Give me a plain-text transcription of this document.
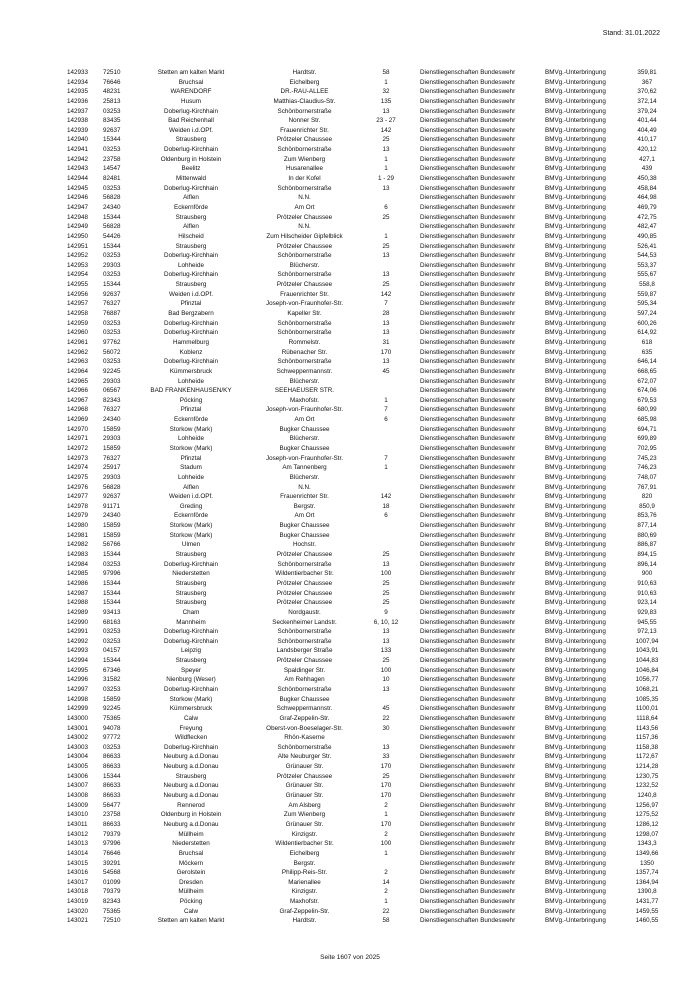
Stand: 31.01.2022
142933	72510	Stetten am kalten Markt	Hardtstr.	58		Dienstliegenschaften Bundeswehr	BMVg.-Unterbringung	359,81
142934	76646	Bruchsal	Eichelberg	1		Dienstliegenschaften Bundeswehr	BMVg.-Unterbringung	367
142935	48231	WARENDORF	DR.-RAU-ALLEE	32		Dienstliegenschaften Bundeswehr	BMVg.-Unterbringung	370,62
142936	25813	Husum	Matthias-Claudius-Str.	135		Dienstliegenschaften Bundeswehr	BMVg.-Unterbringung	372,14
142937	03253	Doberlug-Kirchhain	Schönbornerstraße	13		Dienstliegenschaften Bundeswehr	BMVg.-Unterbringung	379,24
142938	83435	Bad Reichenhall	Nonner Str.	23 - 27		Dienstliegenschaften Bundeswehr	BMVg.-Unterbringung	401,44
142939	92637	Weiden i.d.OPf.	Frauenrichter Str.	142		Dienstliegenschaften Bundeswehr	BMVg.-Unterbringung	404,49
142940	15344	Strausberg	Prötzeler Chaussee	25		Dienstliegenschaften Bundeswehr	BMVg.-Unterbringung	410,17
142941	03253	Doberlug-Kirchhain	Schönbornerstraße	13		Dienstliegenschaften Bundeswehr	BMVg.-Unterbringung	420,12
142942	23758	Oldenburg in Holstein	Zum Wienberg	1		Dienstliegenschaften Bundeswehr	BMVg.-Unterbringung	427,1
142943	14547	Beelitz	Husarenallee	1		Dienstliegenschaften Bundeswehr	BMVg.-Unterbringung	439
142944	82481	Mittenwald	In der Kofel	1 - 29		Dienstliegenschaften Bundeswehr	BMVg.-Unterbringung	450,38
142945	03253	Doberlug-Kirchhain	Schönbornerstraße	13		Dienstliegenschaften Bundeswehr	BMVg.-Unterbringung	458,84
142946	56828	Alflen	N.N.			Dienstliegenschaften Bundeswehr	BMVg.-Unterbringung	464,98
142947	24340	Eckernförde	Am Ort	6		Dienstliegenschaften Bundeswehr	BMVg.-Unterbringung	469,79
142948	15344	Strausberg	Prötzeler Chaussee	25		Dienstliegenschaften Bundeswehr	BMVg.-Unterbringung	472,75
142949	56828	Alflen	N.N.			Dienstliegenschaften Bundeswehr	BMVg.-Unterbringung	482,47
142950	54426	Hilscheid	Zum Hilscheider Gipfelblick	1		Dienstliegenschaften Bundeswehr	BMVg.-Unterbringung	490,85
142951	15344	Strausberg	Prötzeler Chaussee	25		Dienstliegenschaften Bundeswehr	BMVg.-Unterbringung	526,41
142952	03253	Doberlug-Kirchhain	Schönbornerstraße	13		Dienstliegenschaften Bundeswehr	BMVg.-Unterbringung	544,53
142953	29303	Lohheide	Blücherstr.			Dienstliegenschaften Bundeswehr	BMVg.-Unterbringung	553,37
142954	03253	Doberlug-Kirchhain	Schönbornerstraße	13		Dienstliegenschaften Bundeswehr	BMVg.-Unterbringung	555,67
142955	15344	Strausberg	Prötzeler Chaussee	25		Dienstliegenschaften Bundeswehr	BMVg.-Unterbringung	558,8
142956	92637	Weiden i.d.OPf.	Frauenrichter Str.	142		Dienstliegenschaften Bundeswehr	BMVg.-Unterbringung	559,87
142957	76327	Pfinztal	Joseph-von-Fraunhofer-Str.	7		Dienstliegenschaften Bundeswehr	BMVg.-Unterbringung	595,34
142958	76887	Bad Bergzabern	Kapeller Str.	28		Dienstliegenschaften Bundeswehr	BMVg.-Unterbringung	597,24
142959	03253	Doberlug-Kirchhain	Schönbornerstraße	13		Dienstliegenschaften Bundeswehr	BMVg.-Unterbringung	600,26
142960	03253	Doberlug-Kirchhain	Schönbornerstraße	13		Dienstliegenschaften Bundeswehr	BMVg.-Unterbringung	614,92
142961	97762	Hammelburg	Rommelstr.	31		Dienstliegenschaften Bundeswehr	BMVg.-Unterbringung	618
142962	56072	Koblenz	Rübenacher Str.	170		Dienstliegenschaften Bundeswehr	BMVg.-Unterbringung	635
142963	03253	Doberlug-Kirchhain	Schönbornerstraße	13		Dienstliegenschaften Bundeswehr	BMVg.-Unterbringung	646,14
142964	92245	Kümmersbruck	Schweppermannstr.	45		Dienstliegenschaften Bundeswehr	BMVg.-Unterbringung	668,65
142965	29303	Lohheide	Blücherstr.			Dienstliegenschaften Bundeswehr	BMVg.-Unterbringung	672,07
142966	06567	BAD FRANKENHAUSEN/KY	SEEHAEUSER STR.			Dienstliegenschaften Bundeswehr	BMVg.-Unterbringung	674,06
142967	82343	Pöcking	Maxhofstr.	1		Dienstliegenschaften Bundeswehr	BMVg.-Unterbringung	679,53
142968	76327	Pfinztal	Joseph-von-Fraunhofer-Str.	7		Dienstliegenschaften Bundeswehr	BMVg.-Unterbringung	680,99
142969	24340	Eckernförde	Am Ort	6		Dienstliegenschaften Bundeswehr	BMVg.-Unterbringung	685,98
142970	15859	Storkow (Mark)	Bugker Chaussee			Dienstliegenschaften Bundeswehr	BMVg.-Unterbringung	694,71
142971	29303	Lohheide	Blücherstr.			Dienstliegenschaften Bundeswehr	BMVg.-Unterbringung	699,89
142972	15859	Storkow (Mark)	Bugker Chaussee			Dienstliegenschaften Bundeswehr	BMVg.-Unterbringung	702,95
142973	76327	Pfinztal	Joseph-von-Fraunhofer-Str.	7		Dienstliegenschaften Bundeswehr	BMVg.-Unterbringung	745,23
142974	25917	Stadum	Am Tannenberg	1		Dienstliegenschaften Bundeswehr	BMVg.-Unterbringung	746,23
142975	29303	Lohheide	Blücherstr.			Dienstliegenschaften Bundeswehr	BMVg.-Unterbringung	748,07
142976	56828	Alflen	N.N.			Dienstliegenschaften Bundeswehr	BMVg.-Unterbringung	767,91
142977	92637	Weiden i.d.OPf.	Frauenrichter Str.	142		Dienstliegenschaften Bundeswehr	BMVg.-Unterbringung	820
142978	91171	Greding	Bergstr.	18		Dienstliegenschaften Bundeswehr	BMVg.-Unterbringung	850,9
142979	24340	Eckernförde	Am Ort	6		Dienstliegenschaften Bundeswehr	BMVg.-Unterbringung	853,76
142980	15859	Storkow (Mark)	Bugker Chaussee			Dienstliegenschaften Bundeswehr	BMVg.-Unterbringung	877,14
142981	15859	Storkow (Mark)	Bugker Chaussee			Dienstliegenschaften Bundeswehr	BMVg.-Unterbringung	880,69
142982	56766	Ulmen	Hochstr.			Dienstliegenschaften Bundeswehr	BMVg.-Unterbringung	886,87
142983	15344	Strausberg	Prötzeler Chaussee	25		Dienstliegenschaften Bundeswehr	BMVg.-Unterbringung	894,15
142984	03253	Doberlug-Kirchhain	Schönbornerstraße	13		Dienstliegenschaften Bundeswehr	BMVg.-Unterbringung	896,14
142985	97996	Niederstetten	Wildentierbacher Str.	100		Dienstliegenschaften Bundeswehr	BMVg.-Unterbringung	900
142986	15344	Strausberg	Prötzeler Chaussee	25		Dienstliegenschaften Bundeswehr	BMVg.-Unterbringung	910,63
142987	15344	Strausberg	Prötzeler Chaussee	25		Dienstliegenschaften Bundeswehr	BMVg.-Unterbringung	910,63
142988	15344	Strausberg	Prötzeler Chaussee	25		Dienstliegenschaften Bundeswehr	BMVg.-Unterbringung	923,14
142989	93413	Cham	Nordgaustr.	9		Dienstliegenschaften Bundeswehr	BMVg.-Unterbringung	929,83
142990	68163	Mannheim	Seckenheimer Landstr.	6, 10, 12		Dienstliegenschaften Bundeswehr	BMVg.-Unterbringung	945,55
142991	03253	Doberlug-Kirchhain	Schönbornerstraße	13		Dienstliegenschaften Bundeswehr	BMVg.-Unterbringung	972,13
142992	03253	Doberlug-Kirchhain	Schönbornerstraße	13		Dienstliegenschaften Bundeswehr	BMVg.-Unterbringung	1007,94
142993	04157	Leipzig	Landsberger Straße	133		Dienstliegenschaften Bundeswehr	BMVg.-Unterbringung	1043,91
142994	15344	Strausberg	Prötzeler Chaussee	25		Dienstliegenschaften Bundeswehr	BMVg.-Unterbringung	1044,83
142995	67346	Speyer	Spaldinger Str.	100		Dienstliegenschaften Bundeswehr	BMVg.-Unterbringung	1046,84
142996	31582	Nienburg (Weser)	Am Rehhagen	10		Dienstliegenschaften Bundeswehr	BMVg.-Unterbringung	1056,77
142997	03253	Doberlug-Kirchhain	Schönbornerstraße	13		Dienstliegenschaften Bundeswehr	BMVg.-Unterbringung	1068,21
142998	15859	Storkow (Mark)	Bugker Chaussee			Dienstliegenschaften Bundeswehr	BMVg.-Unterbringung	1085,35
142999	92245	Kümmersbruck	Schweppermannstr.	45		Dienstliegenschaften Bundeswehr	BMVg.-Unterbringung	1100,01
143000	75365	Calw	Graf-Zeppelin-Str.	22		Dienstliegenschaften Bundeswehr	BMVg.-Unterbringung	1118,64
143001	94078	Freyung	Oberst-von-Boeselager-Str.	30		Dienstliegenschaften Bundeswehr	BMVg.-Unterbringung	1143,56
143002	97772	Wildflecken	Rhön-Kaserne			Dienstliegenschaften Bundeswehr	BMVg.-Unterbringung	1157,36
143003	03253	Doberlug-Kirchhain	Schönbornerstraße	13		Dienstliegenschaften Bundeswehr	BMVg.-Unterbringung	1158,38
143004	86633	Neuburg a.d.Donau	Alte Neuburger Str.	33		Dienstliegenschaften Bundeswehr	BMVg.-Unterbringung	1172,67
143005	86633	Neuburg a.d.Donau	Grünauer Str.	170		Dienstliegenschaften Bundeswehr	BMVg.-Unterbringung	1214,28
143006	15344	Strausberg	Prötzeler Chaussee	25		Dienstliegenschaften Bundeswehr	BMVg.-Unterbringung	1230,75
143007	86633	Neuburg a.d.Donau	Grünauer Str.	170		Dienstliegenschaften Bundeswehr	BMVg.-Unterbringung	1232,52
143008	86633	Neuburg a.d.Donau	Grünauer Str.	170		Dienstliegenschaften Bundeswehr	BMVg.-Unterbringung	1240,8
143009	56477	Rennerod	Am Alsberg	2		Dienstliegenschaften Bundeswehr	BMVg.-Unterbringung	1256,97
143010	23758	Oldenburg in Holstein	Zum Wienberg	1		Dienstliegenschaften Bundeswehr	BMVg.-Unterbringung	1275,52
143011	86633	Neuburg a.d.Donau	Grünauer Str.	170		Dienstliegenschaften Bundeswehr	BMVg.-Unterbringung	1286,12
143012	79379	Müllheim	Kinzigstr.	2		Dienstliegenschaften Bundeswehr	BMVg.-Unterbringung	1298,07
143013	97996	Niederstetten	Wildentierbacher Str.	100		Dienstliegenschaften Bundeswehr	BMVg.-Unterbringung	1343,3
143014	76646	Bruchsal	Eichelberg	1		Dienstliegenschaften Bundeswehr	BMVg.-Unterbringung	1349,66
143015	39291	Möckern	Bergstr.			Dienstliegenschaften Bundeswehr	BMVg.-Unterbringung	1350
143016	54568	Gerolstein	Philipp-Reis-Str.	2		Dienstliegenschaften Bundeswehr	BMVg.-Unterbringung	1357,74
143017	01099	Dresden	Marienallee	14		Dienstliegenschaften Bundeswehr	BMVg.-Unterbringung	1364,94
143018	79379	Müllheim	Kinzigstr.	2		Dienstliegenschaften Bundeswehr	BMVg.-Unterbringung	1390,8
143019	82343	Pöcking	Maxhofstr.	1		Dienstliegenschaften Bundeswehr	BMVg.-Unterbringung	1431,77
143020	75365	Calw	Graf-Zeppelin-Str.	22		Dienstliegenschaften Bundeswehr	BMVg.-Unterbringung	1459,55
143021	72510	Stetten am kalten Markt	Hardtstr.	58		Dienstliegenschaften Bundeswehr	BMVg.-Unterbringung	1460,55
Seite 1607 von 2025
